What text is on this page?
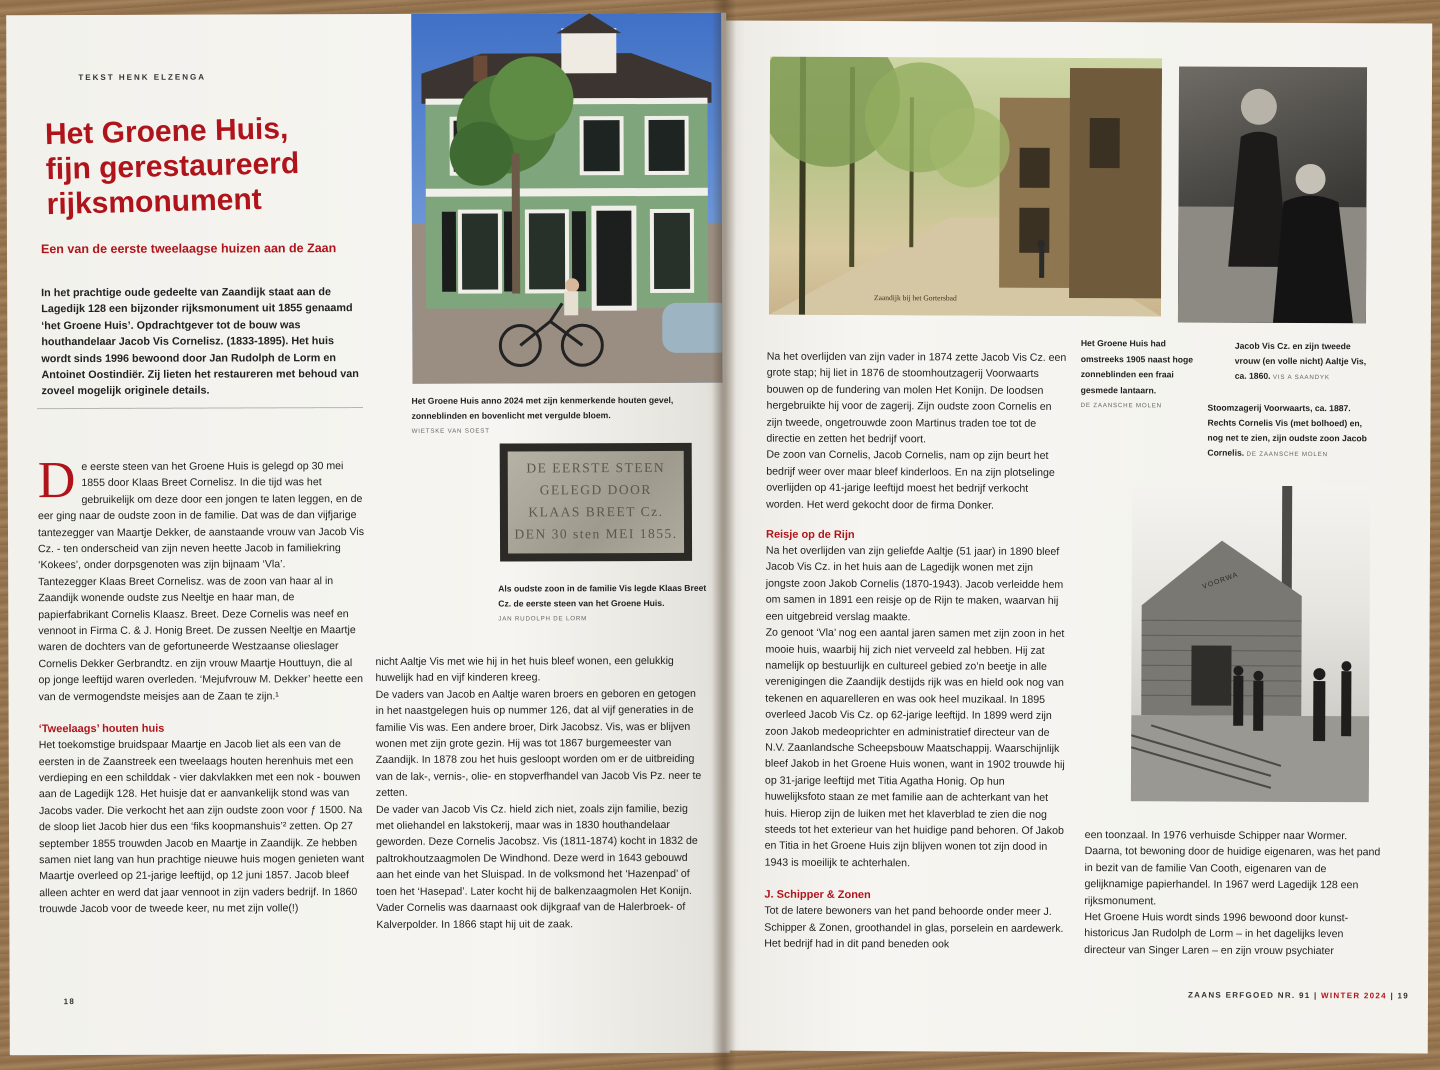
TEKST HENK ELZENGA
Het Groene Huis,
fijn gerestaureerd
rijksmonument
Een van de eerste tweelaagse huizen aan de Zaan

In het prachtige oude gedeelte van Zaandijk staat aan de Lagedijk 128 een bijzonder rijksmonument uit 1855 genaamd ‘het Groene Huis’. Opdrachtgever tot de bouw was houthandelaar Jacob Vis Cornelisz. (1833-1895). Het huis wordt sinds 1996 bewoond door Jan Rudolph de Lorm en Antoinet Oostindiër. Zij lieten het restaureren met behoud van zoveel mogelijk originele details.

D e eerste steen van het Groene Huis is gelegd op 30 mei 1855 door Klaas Breet Cornelisz. In die tijd was het gebruikelijk om deze door een jongen te laten leggen, en de eer ging naar de oudste zoon in de familie. Dat was de dan vijfjarige tantezegger van Maartje Dekker, de aanstaande vrouw van Jacob Vis Cz. - ten onderscheid van zijn neven heette Jacob in familiekring ‘Kokees’, onder dorpsgenoten was zijn bijnaam ‘Vla’.

Tantezegger Klaas Breet Cornelisz. was de zoon van haar al in Zaandijk wonende oudste zus Neeltje en haar man, de papierfabrikant Cornelis Klaasz. Breet. Deze Cornelis was neef en vennoot in Firma C. & J. Honig Breet. De zussen Neeltje en Maartje waren de dochters van de gefortuneerde Westzaanse olieslager Cornelis Dekker Gerbrandtz. en zijn vrouw Maartje Houttuyn, die al op jonge leeftijd waren overleden. ‘Mejufvrouw M. Dekker’ heette een van de vermogendste meisjes aan de Zaan te zijn.¹

‘Tweelaags’ houten huis

Het toekomstige bruidspaar Maartje en Jacob liet als een van de eersten in de Zaanstreek een tweelaags houten herenhuis met een verdieping en een schilddak - vier dakvlakken met een nok - bouwen aan de Lagedijk 128. Het huisje dat er aanvankelijk stond was van Jacobs vader. Die verkocht het aan zijn oudste zoon voor ƒ 1500. Na de sloop liet Jacob hier dus een ‘fiks koopmanshuis’² zetten. Op 27 september 1855 trouwden Jacob en Maartje in Zaandijk. Ze hebben samen niet lang van hun prachtige nieuwe huis mogen genieten want Maartje overleed op 21-jarige leeftijd, op 12 juni 1857. Jacob bleef alleen achter en werd dat jaar vennoot in zijn vaders bedrijf. In 1860 trouwde Jacob voor de tweede keer, nu met zijn volle(!)

Het Groene Huis anno 2024 met zijn kenmerkende houten gevel, zonneblinden en bovenlicht met vergulde bloem.
WIETSKE VAN SOEST
DE EERSTE STEEN
GELEGD DOOR
KLAAS BREET Cz.
DEN 30 sten MEI 1855.
Als oudste zoon in de familie Vis legde Klaas Breet Cz. de eerste steen van het Groene Huis.
JAN RUDOLPH DE LORM

nicht Aaltje Vis met wie hij in het huis bleef wonen, een gelukkig huwelijk had en vijf kinderen kreeg.

De vaders van Jacob en Aaltje waren broers en geboren en getogen in het naastgelegen huis op nummer 126, dat al vijf generaties in de familie Vis was. Een andere broer, Dirk Jacobsz. Vis, was er blijven wonen met zijn grote gezin. Hij was tot 1867 burgemeester van Zaandijk. In 1878 zou het huis gesloopt worden om er de uitbreiding van de lak-, vernis-, olie- en stopverfhandel van Jacob Vis Pz. neer te zetten.

De vader van Jacob Vis Cz. hield zich niet, zoals zijn familie, bezig met oliehandel en lakstokerij, maar was in 1830 houthandelaar geworden. Deze Cornelis Jacobsz. Vis (1811-1874) kocht in 1832 de paltrokhoutzaagmolen De Windhond. Deze werd in 1643 gebouwd aan het einde van het Sluispad. In de volksmond het ‘Hazenpad’ of toen het ‘Hasepad’. Later kocht hij de balkenzaagmolen Het Konijn. Vader Cornelis was daarnaast ook dijkgraaf van de Halerbroek- of Kalverpolder. In 1866 stapt hij uit de zaak.

18
Zaandijk bij het Gortersbad
Het Groene Huis had omstreeks 1905 naast hoge zonneblinden een fraai gesmede lantaarn.
DE ZAANSCHE MOLEN
Jacob Vis Cz. en zijn tweede vrouw (en volle nicht) Aaltje Vis, ca. 1860. VIS A SAANDYK
Stoomzagerij Voorwaarts, ca. 1887. Rechts Cornelis Vis (met bolhoed) en, nog net te zien, zijn oudste zoon Jacob Cornelis. DE ZAANSCHE MOLEN
VOORWA

Na het overlijden van zijn vader in 1874 zette Jacob Vis Cz. een grote stap; hij liet in 1876 de stoomhoutzagerij Voorwaarts bouwen op de fundering van molen Het Konijn. De loodsen hergebruikte hij voor de zagerij. Zijn oudste zoon Cornelis en zijn tweede, ongetrouwde zoon Martinus traden toe tot de directie en zetten het bedrijf voort.

De zoon van Cornelis, Jacob Cornelis, nam op zijn beurt het bedrijf weer over maar bleef kinderloos. En na zijn plotselinge overlijden op 41-jarige leeftijd moest het bedrijf verkocht worden. Het werd gekocht door de firma Donker.

Reisje op de Rijn

Na het overlijden van zijn geliefde Aaltje (51 jaar) in 1890 bleef Jacob Vis Cz. in het huis aan de Lagedijk wonen met zijn jongste zoon Jakob Cornelis (1870-1943). Jacob verleidde hem om samen in 1891 een reisje op de Rijn te maken, waarvan hij een uitgebreid verslag maakte.

Zo genoot ‘Vla’ nog een aantal jaren samen met zijn zoon in het mooie huis, waarbij hij zich niet verveeld zal hebben. Hij zat namelijk op bestuurlijk en cultureel gebied zo’n beetje in alle verenigingen die Zaandijk destijds rijk was en hield ook nog van tekenen en aquarelleren en was ook heel muzikaal. In 1895 overleed Jacob Vis Cz. op 62-jarige leeftijd. In 1899 werd zijn zoon Jakob medeoprichter en administratief directeur van de N.V. Zaanlandsche Scheepsbouw Maatschappij. Waarschijnlijk bleef Jakob in het Groene Huis wonen, want in 1902 trouwde hij op 31-jarige leeftijd met Titia Agatha Honig. Op hun huwelijksfoto staan ze met familie aan de achterkant van het huis. Hierop zijn de luiken met het klaverblad te zien die nog steeds tot het exterieur van het huidige pand behoren. Of Jakob en Titia in het Groene Huis zijn blijven wonen tot zijn dood in 1943 is moeilijk te achterhalen.

J. Schipper & Zonen

Tot de latere bewoners van het pand behoorde onder meer J. Schipper & Zonen, groothandel in glas, porselein en aardewerk. Het bedrijf had in dit pand beneden ook

een toonzaal. In 1976 verhuisde Schipper naar Wormer. Daarna, tot bewoning door de huidige eigenaren, was het pand in bezit van de familie Van Cooth, eigenaren van de gelijknamige papierhandel. In 1967 werd Lagedijk 128 een rijksmonument.

Het Groene Huis wordt sinds 1996 bewoond door kunst-historicus Jan Rudolph de Lorm – in het dagelijks leven directeur van Singer Laren – en zijn vrouw psychiater

ZAANS ERFGOED NR. 91 | WINTER 2024 | 19
